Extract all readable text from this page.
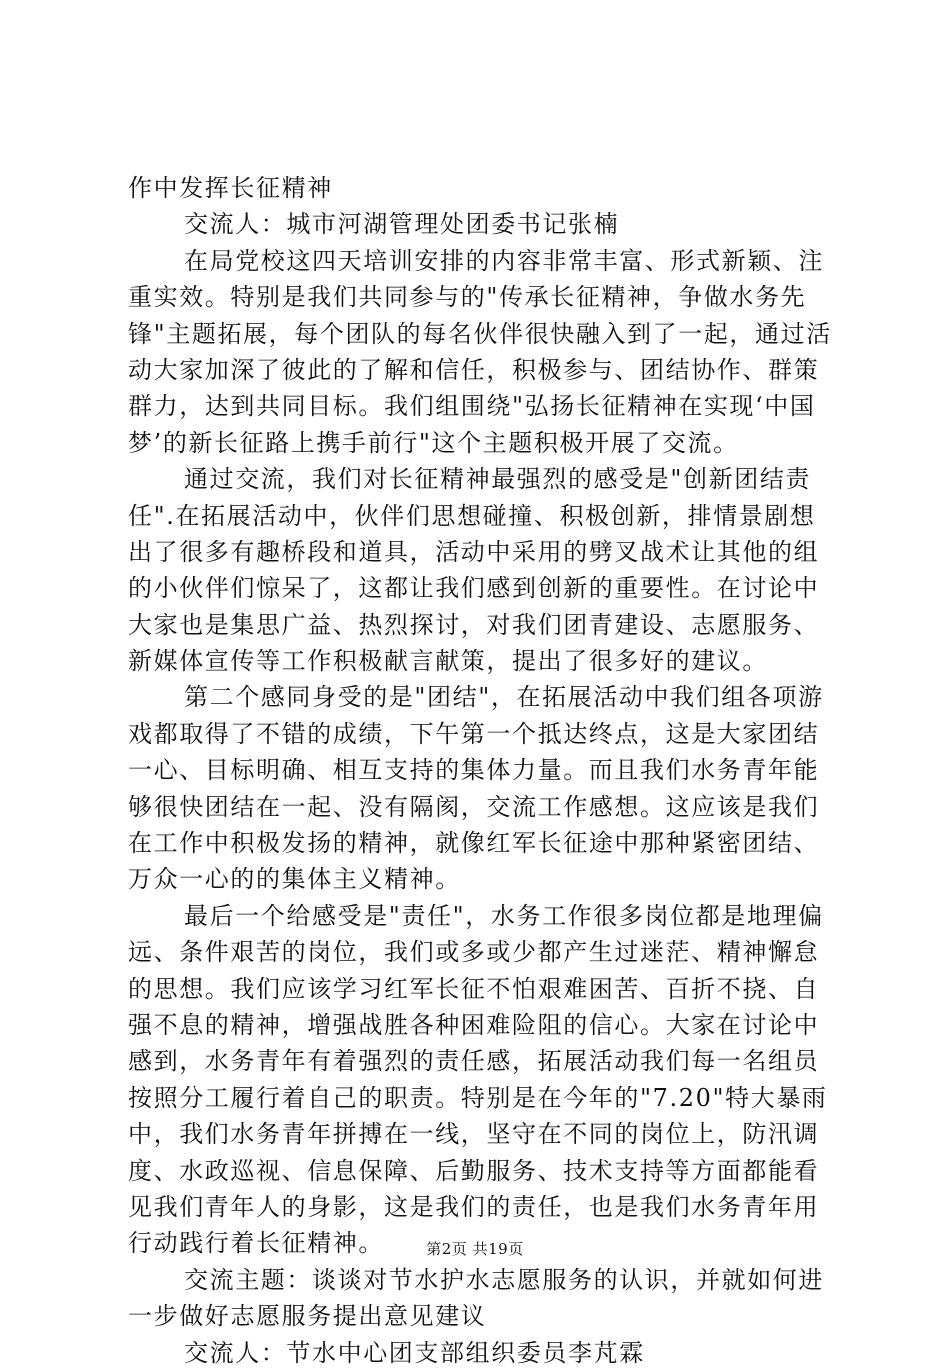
作中发挥长征精神
交流人：城市河湖管理处团委书记张楠
在局党校这四天培训安排的内容非常丰富、形式新颖、注
重实效。特别是我们共同参与的"传承长征精神，争做水务先
锋"主题拓展，每个团队的每名伙伴很快融入到了一起，通过活
动大家加深了彼此的了解和信任，积极参与、团结协作、群策
群力，达到共同目标。我们组围绕"弘扬长征精神在实现‘中国
梦’的新长征路上携手前行"这个主题积极开展了交流。
通过交流，我们对长征精神最强烈的感受是"创新团结责
任".在拓展活动中，伙伴们思想碰撞、积极创新，排情景剧想
出了很多有趣桥段和道具，活动中采用的劈叉战术让其他的组
的小伙伴们惊呆了，这都让我们感到创新的重要性。在讨论中
大家也是集思广益、热烈探讨，对我们团青建设、志愿服务、
新媒体宣传等工作积极献言献策，提出了很多好的建议。
第二个感同身受的是"团结"，在拓展活动中我们组各项游
戏都取得了不错的成绩，下午第一个抵达终点，这是大家团结
一心、目标明确、相互支持的集体力量。而且我们水务青年能
够很快团结在一起、没有隔阂，交流工作感想。这应该是我们
在工作中积极发扬的精神，就像红军长征途中那种紧密团结、
万众一心的的集体主义精神。
最后一个给感受是"责任"，水务工作很多岗位都是地理偏
远、条件艰苦的岗位，我们或多或少都产生过迷茫、精神懈怠
的思想。我们应该学习红军长征不怕艰难困苦、百折不挠、自
强不息的精神，增强战胜各种困难险阻的信心。大家在讨论中
感到，水务青年有着强烈的责任感，拓展活动我们每一名组员
按照分工履行着自己的职责。特别是在今年的"7.20"特大暴雨
中，我们水务青年拼搏在一线，坚守在不同的岗位上，防汛调
度、水政巡视、信息保障、后勤服务、技术支持等方面都能看
见我们青年人的身影，这是我们的责任，也是我们水务青年用
行动践行着长征精神。
交流主题：谈谈对节水护水志愿服务的认识，并就如何进
一步做好志愿服务提出意见建议
交流人：节水中心团支部组织委员李芃霖
第2页 共19页
